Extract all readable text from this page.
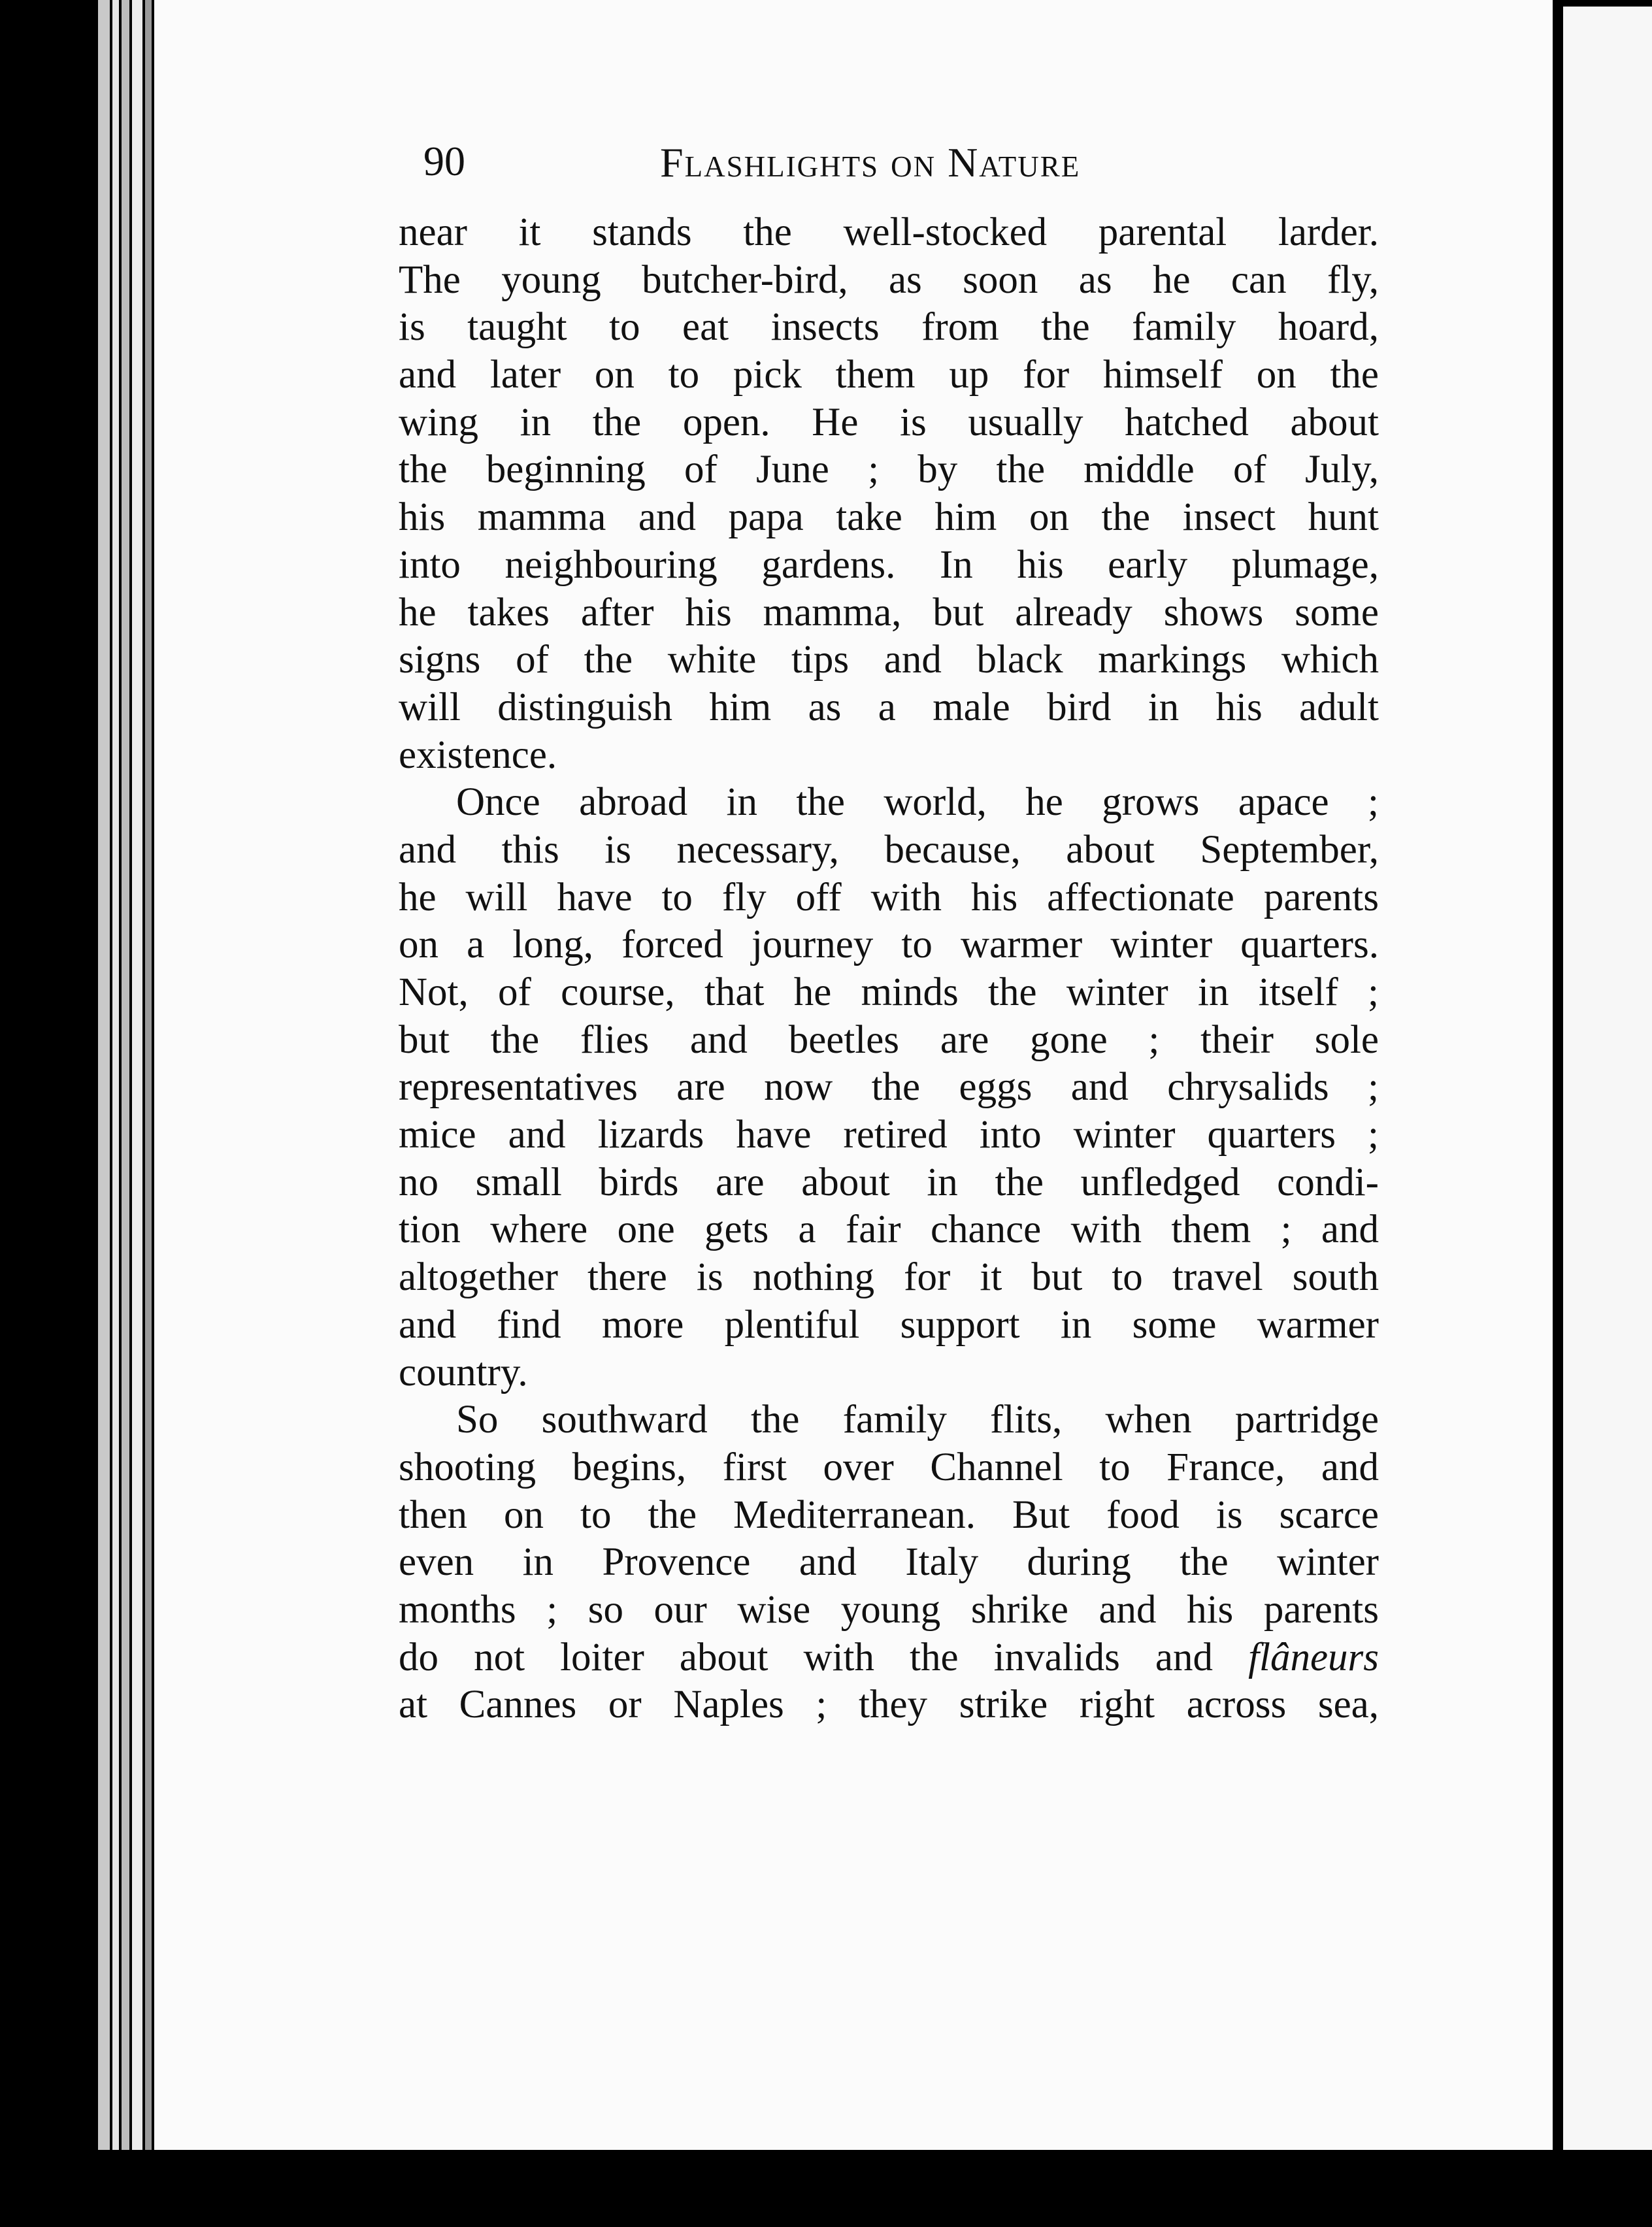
90	Flashlights on Nature
near it stands the well-stocked parental larder.
The young butcher-bird, as soon as he can fly,
is taught to eat insects from the family hoard,
and later on to pick them up for himself on the
wing in the open. He is usually hatched about
the beginning of June ; by the middle of July,
his mamma and papa take him on the insect hunt
into neighbouring gardens. In his early plumage,
he takes after his mamma, but already shows some
signs of the white tips and black markings which
will distinguish him as a male bird in his adult
existence.
Once abroad in the world, he grows apace ;
and this is necessary, because, about September,
he will have to fly off with his affectionate parents
on a long, forced journey to warmer winter quarters.
Not, of course, that he minds the winter in itself ;
but the flies and beetles are gone ; their sole
representatives are now the eggs and chrysalids ;
mice and lizards have retired into winter quarters ;
no small birds are about in the unfledged condi-
tion where one gets a fair chance with them ; and
altogether there is nothing for it but to travel south
and find more plentiful support in some warmer
country.
So southward the family flits, when partridge
shooting begins, first over Channel to France, and
then on to the Mediterranean. But food is scarce
even in Provence and Italy during the winter
months ; so our wise young shrike and his parents
do not loiter about with the invalids and flâneurs
at Cannes or Naples ; they strike right across sea,
